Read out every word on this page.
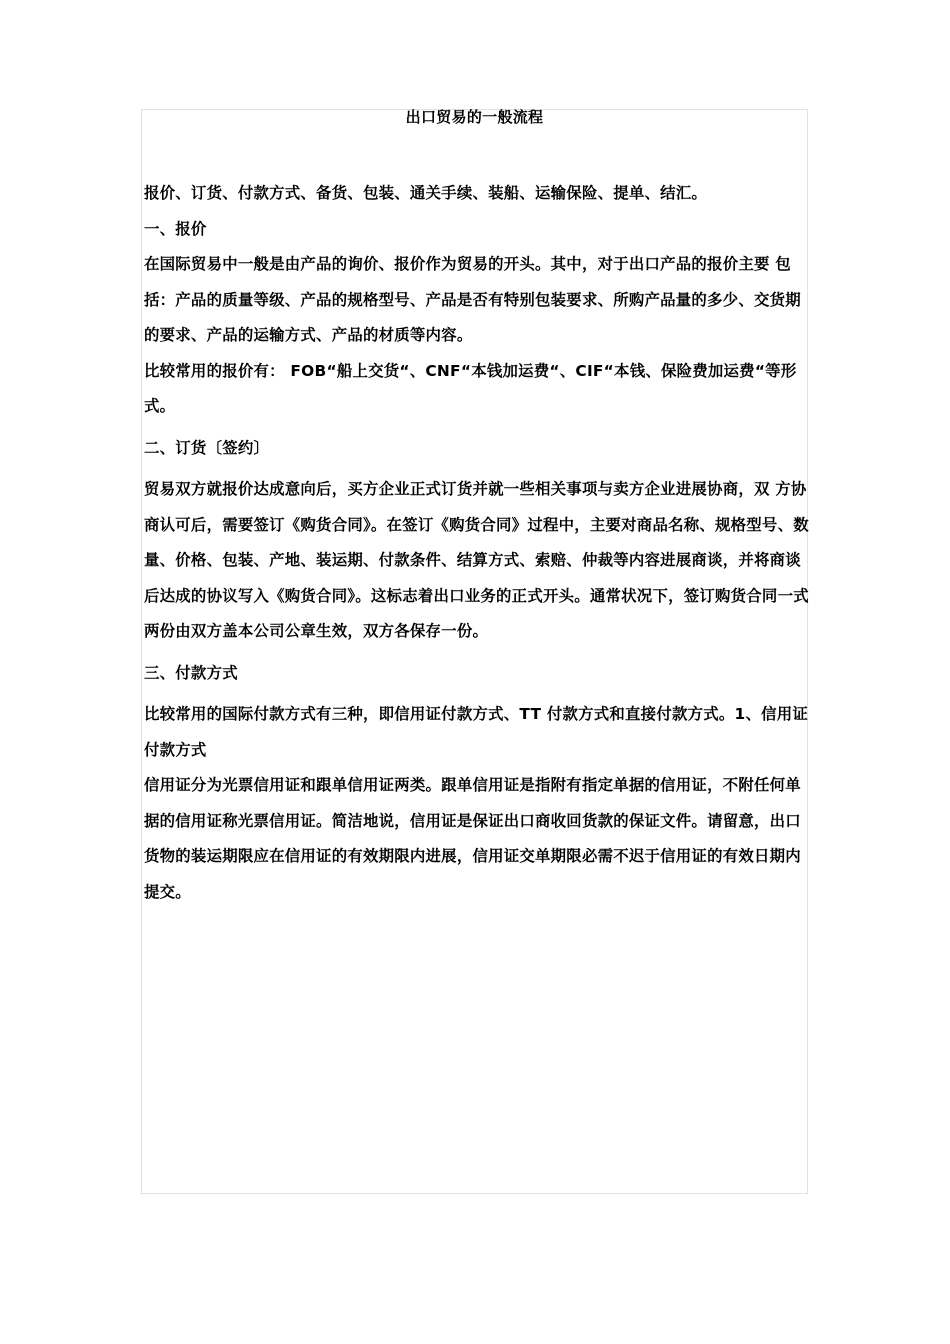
出口贸易的一般流程

报价、订货、付款方式、备货、包装、通关手续、装船、运输保险、提单、结汇。

一、报价

在国际贸易中一般是由产品的询价、报价作为贸易的开头。其中，对于出口产品的报价主要 包括：产品的质量等级、产品的规格型号、产品是否有特别包装要求、所购产品量的多少、交货期的要求、产品的运输方式、产品的材质等内容。

比较常用的报价有： FOB“船上交货“、CNF“本钱加运费“、CIF“本钱、保险费加运费“等形式。

二、订货〔签约〕

贸易双方就报价达成意向后，买方企业正式订货并就一些相关事项与卖方企业进展协商，双 方协商认可后，需要签订《购货合同》。在签订《购货合同》过程中，主要对商品名称、规格型号、数量、价格、包装、产地、装运期、付款条件、结算方式、索赔、仲裁等内容进展商谈，并将商谈后达成的协议写入《购货合同》。这标志着出口业务的正式开头。通常状况下，签订购货合同一式两份由双方盖本公司公章生效，双方各保存一份。

三、付款方式

比较常用的国际付款方式有三种，即信用证付款方式、TT 付款方式和直接付款方式。1、信用证付款方式

信用证分为光票信用证和跟单信用证两类。跟单信用证是指附有指定单据的信用证，不附任何单据的信用证称光票信用证。简洁地说，信用证是保证出口商收回货款的保证文件。请留意，出口货物的装运期限应在信用证的有效期限内进展，信用证交单期限必需不迟于信用证的有效日期内提交。
